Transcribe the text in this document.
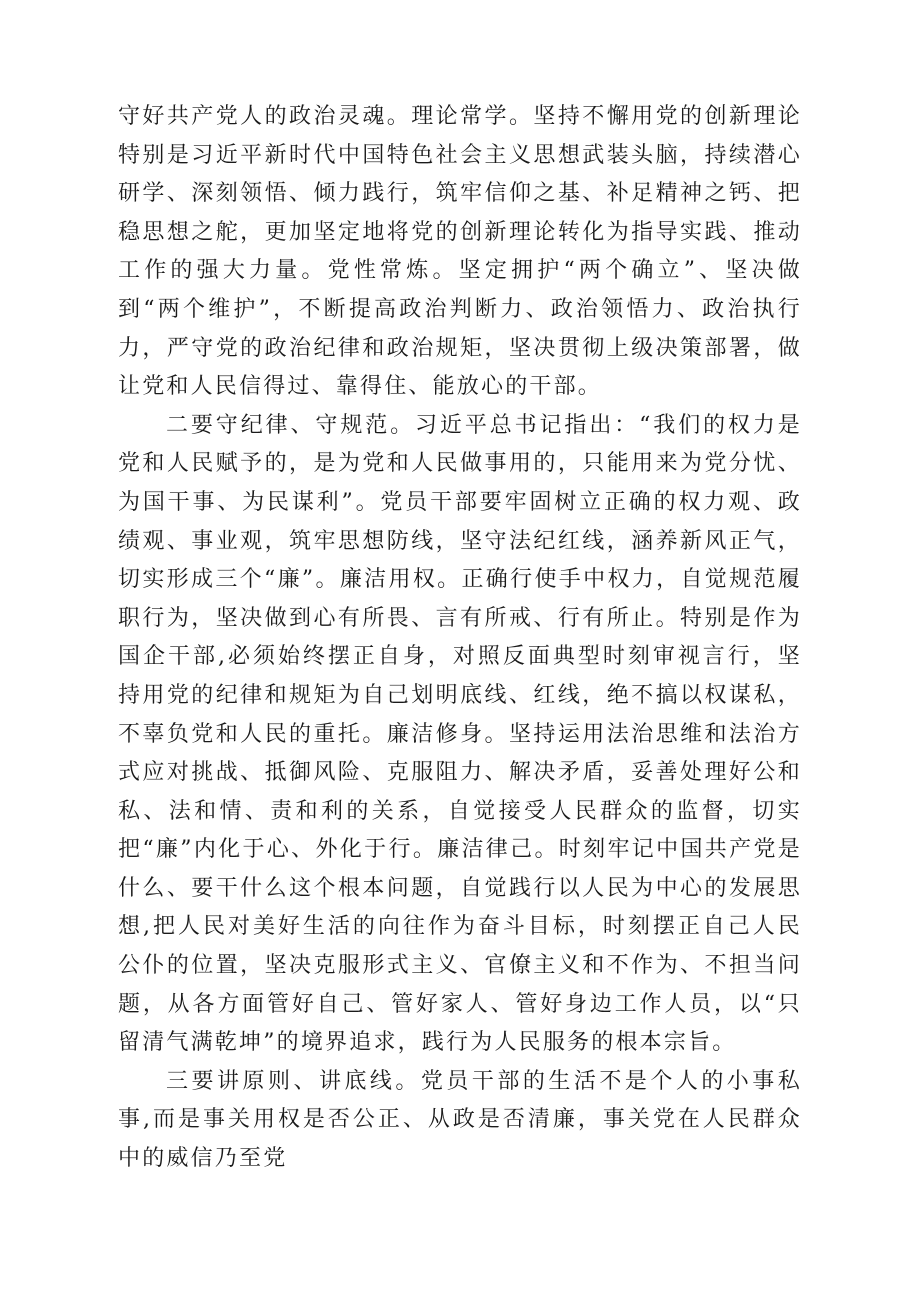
守好共产党人的政治灵魂。理论常学。坚持不懈用党的创新理论特别是习近平新时代中国特色社会主义思想武装头脑，持续潜心研学、深刻领悟、倾力践行，筑牢信仰之基、补足精神之钙、把稳思想之舵，更加坚定地将党的创新理论转化为指导实践、推动工作的强大力量。党性常炼。坚定拥护“两个确立”、坚决做到“两个维护”，不断提高政治判断力、政治领悟力、政治执行力，严守党的政治纪律和政治规矩，坚决贯彻上级决策部署，做让党和人民信得过、靠得住、能放心的干部。

二要守纪律、守规范。习近平总书记指出：“我们的权力是党和人民赋予的，是为党和人民做事用的，只能用来为党分忧、为国干事、为民谋利”。党员干部要牢固树立正确的权力观、政绩观、事业观，筑牢思想防线，坚守法纪红线，涵养新风正气，切实形成三个“廉”。廉洁用权。正确行使手中权力，自觉规范履职行为，坚决做到心有所畏、言有所戒、行有所止。特别是作为国企干部,必须始终摆正自身，对照反面典型时刻审视言行，坚持用党的纪律和规矩为自己划明底线、红线，绝不搞以权谋私，不辜负党和人民的重托。廉洁修身。坚持运用法治思维和法治方式应对挑战、抵御风险、克服阻力、解决矛盾，妥善处理好公和私、法和情、责和利的关系，自觉接受人民群众的监督，切实把“廉”内化于心、外化于行。廉洁律己。时刻牢记中国共产党是什么、要干什么这个根本问题，自觉践行以人民为中心的发展思想,把人民对美好生活的向往作为奋斗目标，时刻摆正自己人民公仆的位置，坚决克服形式主义、官僚主义和不作为、不担当问题，从各方面管好自己、管好家人、管好身边工作人员，以“只留清气满乾坤”的境界追求，践行为人民服务的根本宗旨。

三要讲原则、讲底线。党员干部的生活不是个人的小事私事,而是事关用权是否公正、从政是否清廉，事关党在人民群众中的威信乃至党
